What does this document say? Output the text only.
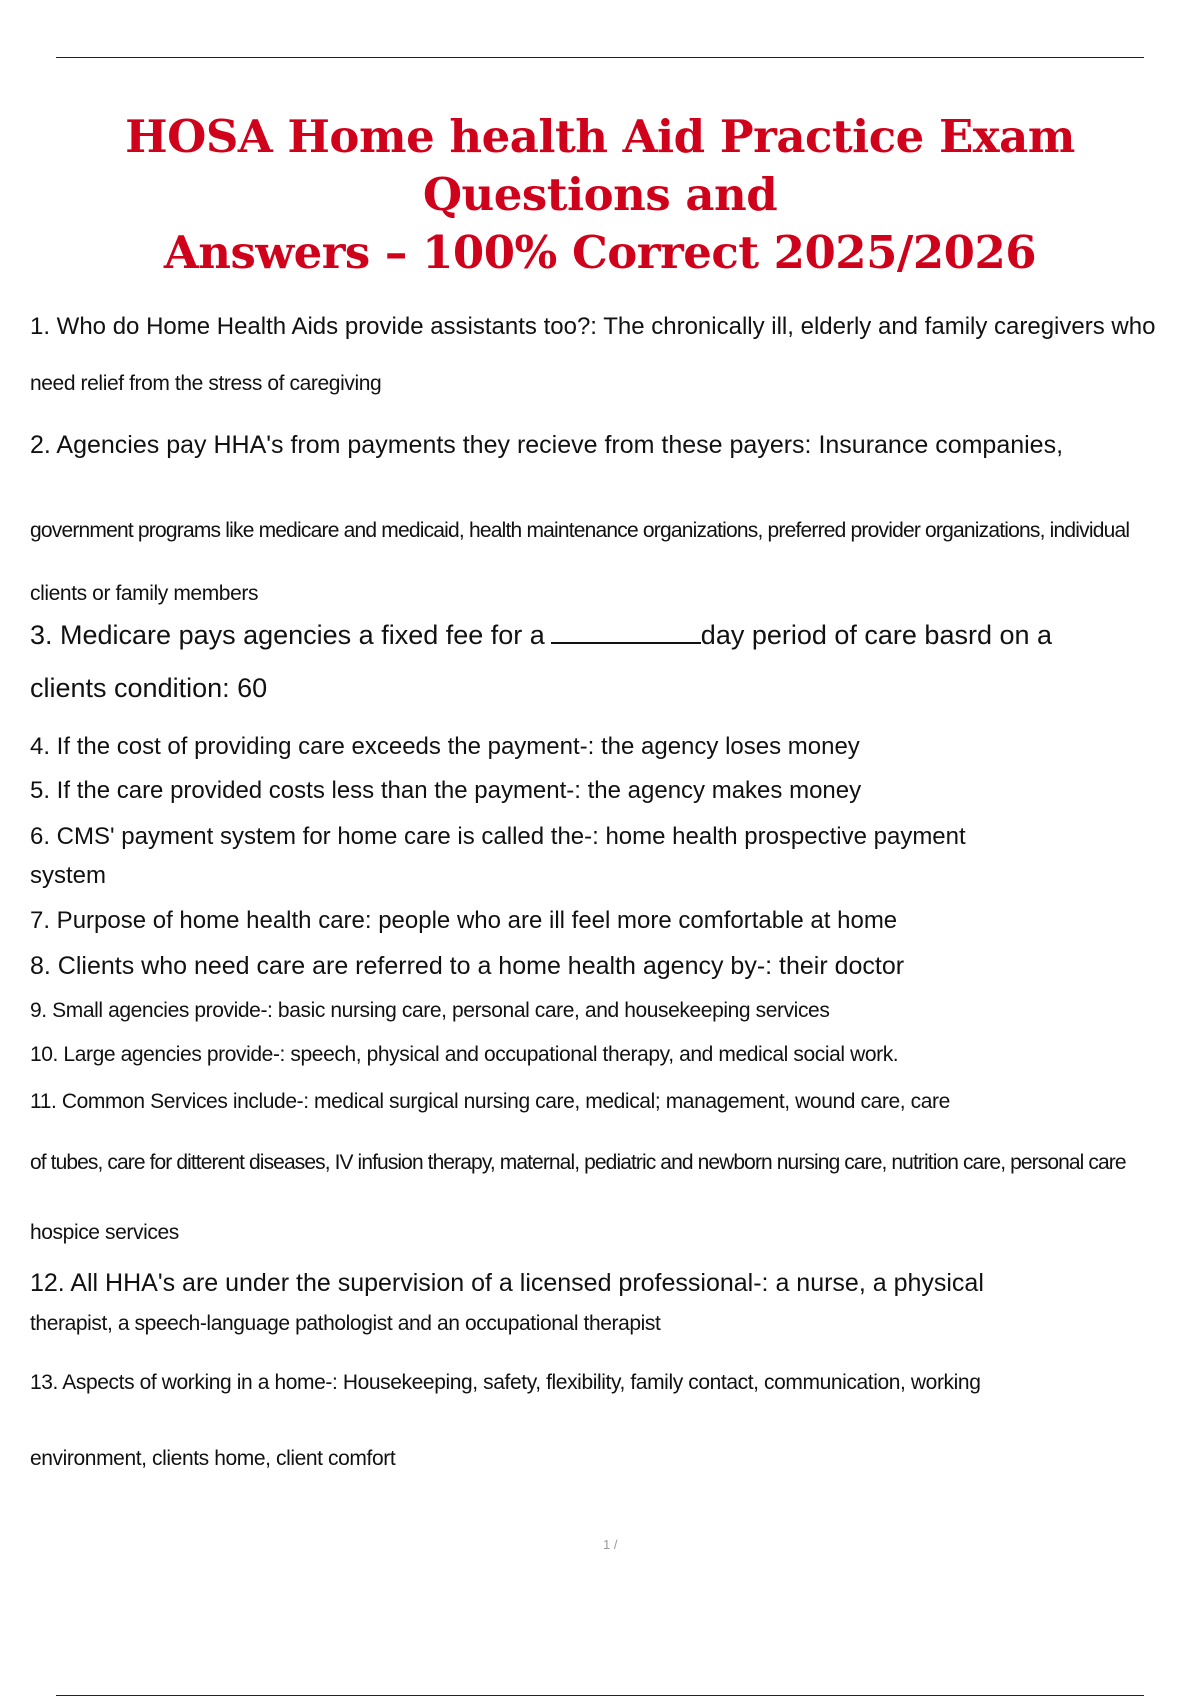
HOSA Home health Aid Practice Exam Questions and
Answers – 100% Correct 2025/2026
1. Who do Home Health Aids provide assistants too?: The chronically ill, elderly and family caregivers who
need relief from the stress of caregiving
2. Agencies pay HHA's from payments they recieve from these payers: Insurance companies,
government programs like medicare and medicaid, health maintenance organizations, preferred provider organizations, individual
clients or family members
3. Medicare pays agencies a fixed fee for a	day period of care basrd on a
clients condition: 60
4. If the cost of providing care exceeds the payment-: the agency loses money
5. If the care provided costs less than the payment-: the agency makes money
6. CMS' payment system for home care is called the-: home health prospective payment
system
7. Purpose of home health care: people who are ill feel more comfortable at home
8. Clients who need care are referred to a home health agency by-: their doctor
9. Small agencies provide-: basic nursing care, personal care, and housekeeping services
10. Large agencies provide-: speech, physical and occupational therapy, and medical social work.
11. Common Services include-: medical surgical nursing care, medical; management, wound care, care
of tubes, care for ditterent diseases, IV infusion therapy, maternal, pediatric and newborn nursing care, nutrition care, personal care
hospice services
12. All HHA's are under the supervision of a licensed professional-: a nurse, a physical
therapist, a speech-language pathologist and an occupational therapist
13. Aspects of working in a home-: Housekeeping, safety, flexibility, family contact, communication, working
environment, clients home, client comfort
1 /
